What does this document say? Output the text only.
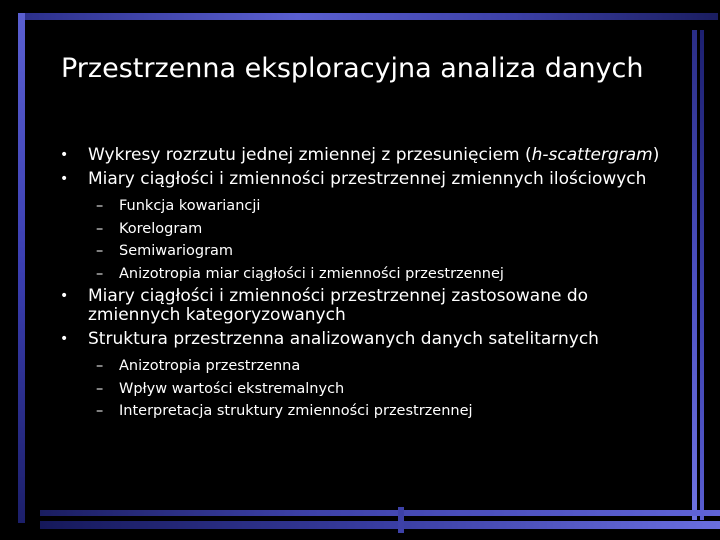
Przestrzenna eksploracyjna analiza danych
• Wykresy rozrzutu jednej zmiennej z przesunięciem (h-scattergram)
• Miary ciągłości i zmienności przestrzennej zmiennych ilościowych
– Funkcja kowariancji
– Korelogram
– Semiwariogram
– Anizotropia miar ciągłości i zmienności przestrzennej
• Miary ciągłości i zmienności przestrzennej zastosowane do zmiennych kategoryzowanych
• Struktura przestrzenna analizowanych danych satelitarnych
– Anizotropia przestrzenna
– Wpływ wartości ekstremalnych
– Interpretacja struktury zmienności przestrzennej
